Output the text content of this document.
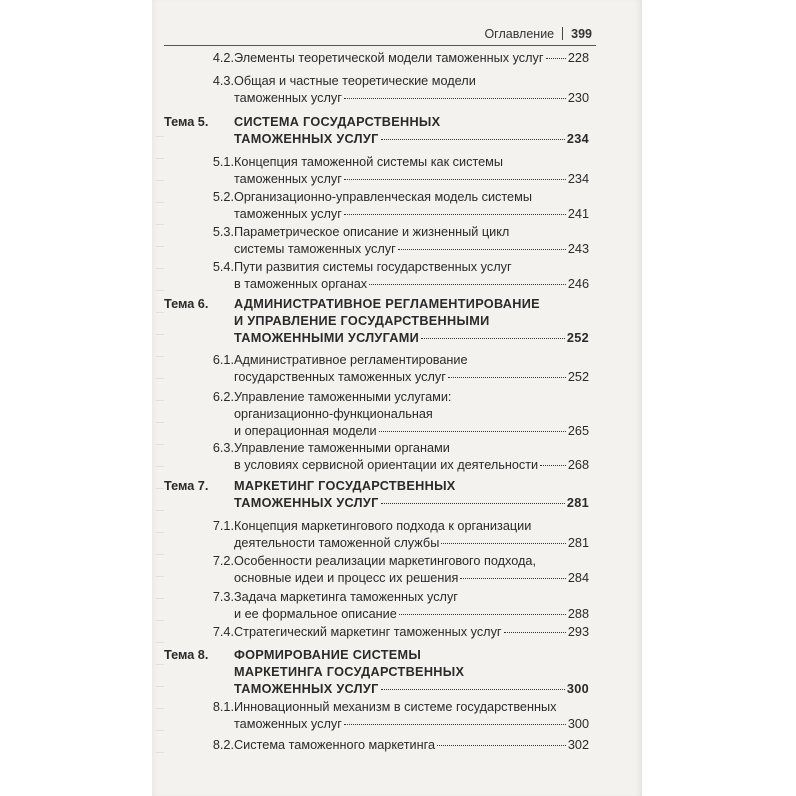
Оглавление 399
4.2. Элементы теоретической модели таможенных услуг 228
4.3. Общая и частные теоретические модели
таможенных услуг	230
Тема 5.	СИСТЕМА ГОСУДАРСТВЕННЫХ
ТАМОЖЕННЫХ УСЛУГ	234
5.1. Концепция таможенной системы как системы
таможенных услуг	234
5.2. Организационно-управленческая модель системы
таможенных услуг	241
5.3. Параметрическое описание и жизненный цикл
системы таможенных услуг	243
5.4. Пути развития системы государственных услуг
в таможенных органах	246
Тема 6.	АДМИНИСТРАТИВНОЕ РЕГЛАМЕНТИРОВАНИЕ
И УПРАВЛЕНИЕ ГОСУДАРСТВЕННЫМИ
ТАМОЖЕННЫМИ УСЛУГАМИ	252
6.1. Административное регламентирование
государственных таможенных услуг	252
6.2. Управление таможенными услугами:
организационно-функциональная
и операционная модели	265
6.3. Управление таможенными органами
в условиях сервисной ориентации их деятельности 268
Тема 7.	МАРКЕТИНГ ГОСУДАРСТВЕННЫХ
ТАМОЖЕННЫХ УСЛУГ	281
7.1. Концепция маркетингового подхода к организации
деятельности таможенной службы	281
7.2. Особенности реализации маркетингового подхода,
основные идеи и процесс их решения	284
7.3. Задача маркетинга таможенных услуг
и ее формальное описание	288
7.4. Стратегический маркетинг таможенных услуг	293
Тема 8.	ФОРМИРОВАНИЕ СИСТЕМЫ
МАРКЕТИНГА ГОСУДАРСТВЕННЫХ
ТАМОЖЕННЫХ УСЛУГ	300
8.1. Инновационный механизм в системе государственных
таможенных услуг	300
8.2. Система таможенного маркетинга	302
